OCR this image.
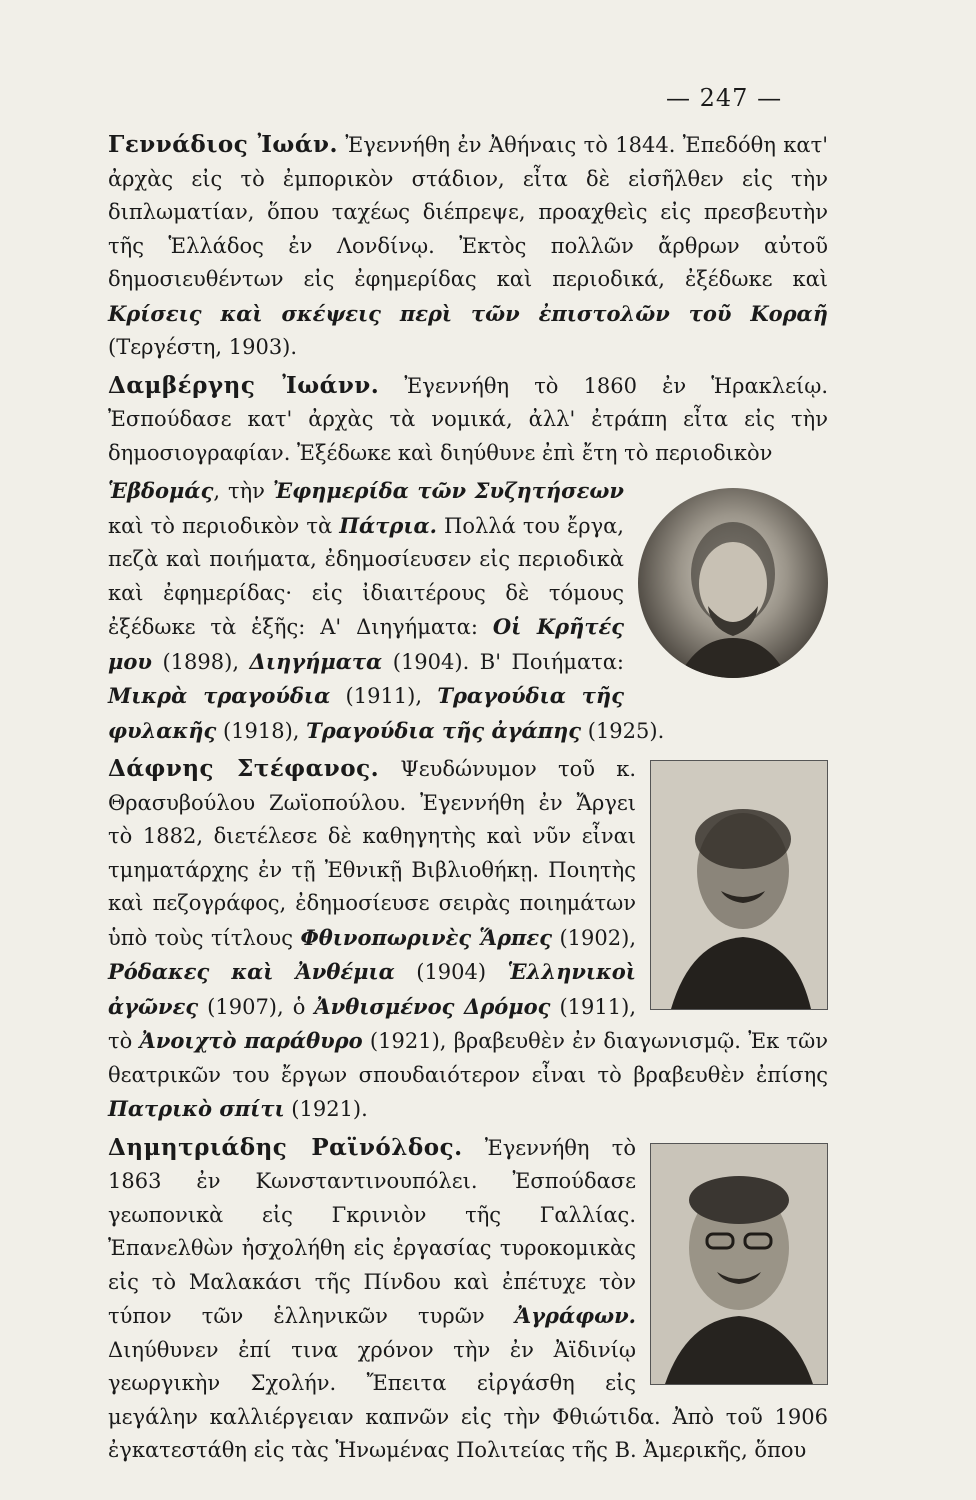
— 247 —

Γεννάδιος Ἰωάν. Ἐγεννήθη ἐν Ἀθήναις τὸ 1844. Ἐπεδόθη κατ' ἀρχὰς εἰς τὸ ἐμπορικὸν στάδιον, εἶτα δὲ εἰσῆλθεν εἰς τὴν διπλωματίαν, ὅπου ταχέως διέπρεψε, προαχθεὶς εἰς πρεσβευτὴν τῆς Ἑλλάδος ἐν Λονδίνῳ. Ἐκτὸς πολλῶν ἄρθρων αὐτοῦ δημοσιευθέντων εἰς ἐφημερίδας καὶ περιοδικά, ἐξέδωκε καὶ Κρίσεις καὶ σκέψεις περὶ τῶν ἐπιστολῶν τοῦ Κοραῆ (Τεργέστη, 1903).

Δαμβέργης Ἰωάνν. Ἐγεννήθη τὸ 1860 ἐν Ἡρακλείῳ. Ἐσπούδασε κατ' ἀρχὰς τὰ νομικά, ἀλλ' ἐτράπη εἶτα εἰς τὴν δημοσιογραφίαν. Ἐξέδωκε καὶ διηύθυνε ἐπὶ ἔτη τὸ περιοδικὸν

Ἑβδομάς, τὴν Ἐφημερίδα τῶν Συζητήσεων καὶ τὸ περιοδικὸν τὰ Πάτρια. Πολλά του ἔργα, πεζὰ καὶ ποιήματα, ἐδημοσίευσεν εἰς περιοδικὰ καὶ ἐφημερίδας· εἰς ἰδιαιτέρους δὲ τόμους ἐξέδωκε τὰ ἑξῆς: Α' Διηγήματα: Οἱ Κρῆτές μου (1898), Διηγήματα (1904). Β' Ποιήματα: Μικρὰ τραγούδια (1911), Τραγούδια τῆς φυλακῆς (1918), Τραγούδια τῆς ἀγάπης (1925).

Δάφνης Στέφανος. Ψευδώνυμον τοῦ κ. Θρασυβούλου Ζωϊοπούλου. Ἐγεννήθη ἐν Ἄργει τὸ 1882, διετέλεσε δὲ καθηγητὴς καὶ νῦν εἶναι τμηματάρχης ἐν τῇ Ἐθνικῇ Βιβλιοθήκῃ. Ποιητὴς καὶ πεζογράφος, ἐδημοσίευσε σειρὰς ποιημάτων ὑπὸ τοὺς τίτλους Φθινοπωρινὲς Ἅρπες (1902), Ρόδακες καὶ Ἀνθέμια (1904) Ἑλληνικοὶ ἀγῶνες (1907), ὁ Ἀνθισμένος Δρόμος (1911), τὸ Ἀνοιχτὸ παράθυρο (1921), βραβευθὲν ἐν διαγωνισμῷ. Ἐκ τῶν θεατρικῶν του ἔργων σπουδαιότερον εἶναι τὸ βραβευθὲν ἐπίσης Πατρικὸ σπίτι (1921).

Δημητριάδης Ραϊνόλδος. Ἐγεννήθη τὸ 1863 ἐν Κωνσταντινουπόλει. Ἐσπούδασε γεωπονικὰ εἰς Γκρινιὸν τῆς Γαλλίας. Ἐπανελθὼν ἠσχολήθη εἰς ἐργασίας τυροκομικὰς εἰς τὸ Μαλακάσι τῆς Πίνδου καὶ ἐπέτυχε τὸν τύπον τῶν ἑλληνικῶν τυρῶν Ἀγράφων. Διηύθυνεν ἐπί τινα χρόνον τὴν ἐν Ἀϊδινίῳ γεωργικὴν Σχολήν. Ἔπειτα εἰργάσθη εἰς μεγάλην καλλιέργειαν καπνῶν εἰς τὴν Φθιώτιδα. Ἀπὸ τοῦ 1906 ἐγκατεστάθη εἰς τὰς Ἡνωμένας Πολιτείας τῆς Β. Ἀμερικῆς, ὅπου
